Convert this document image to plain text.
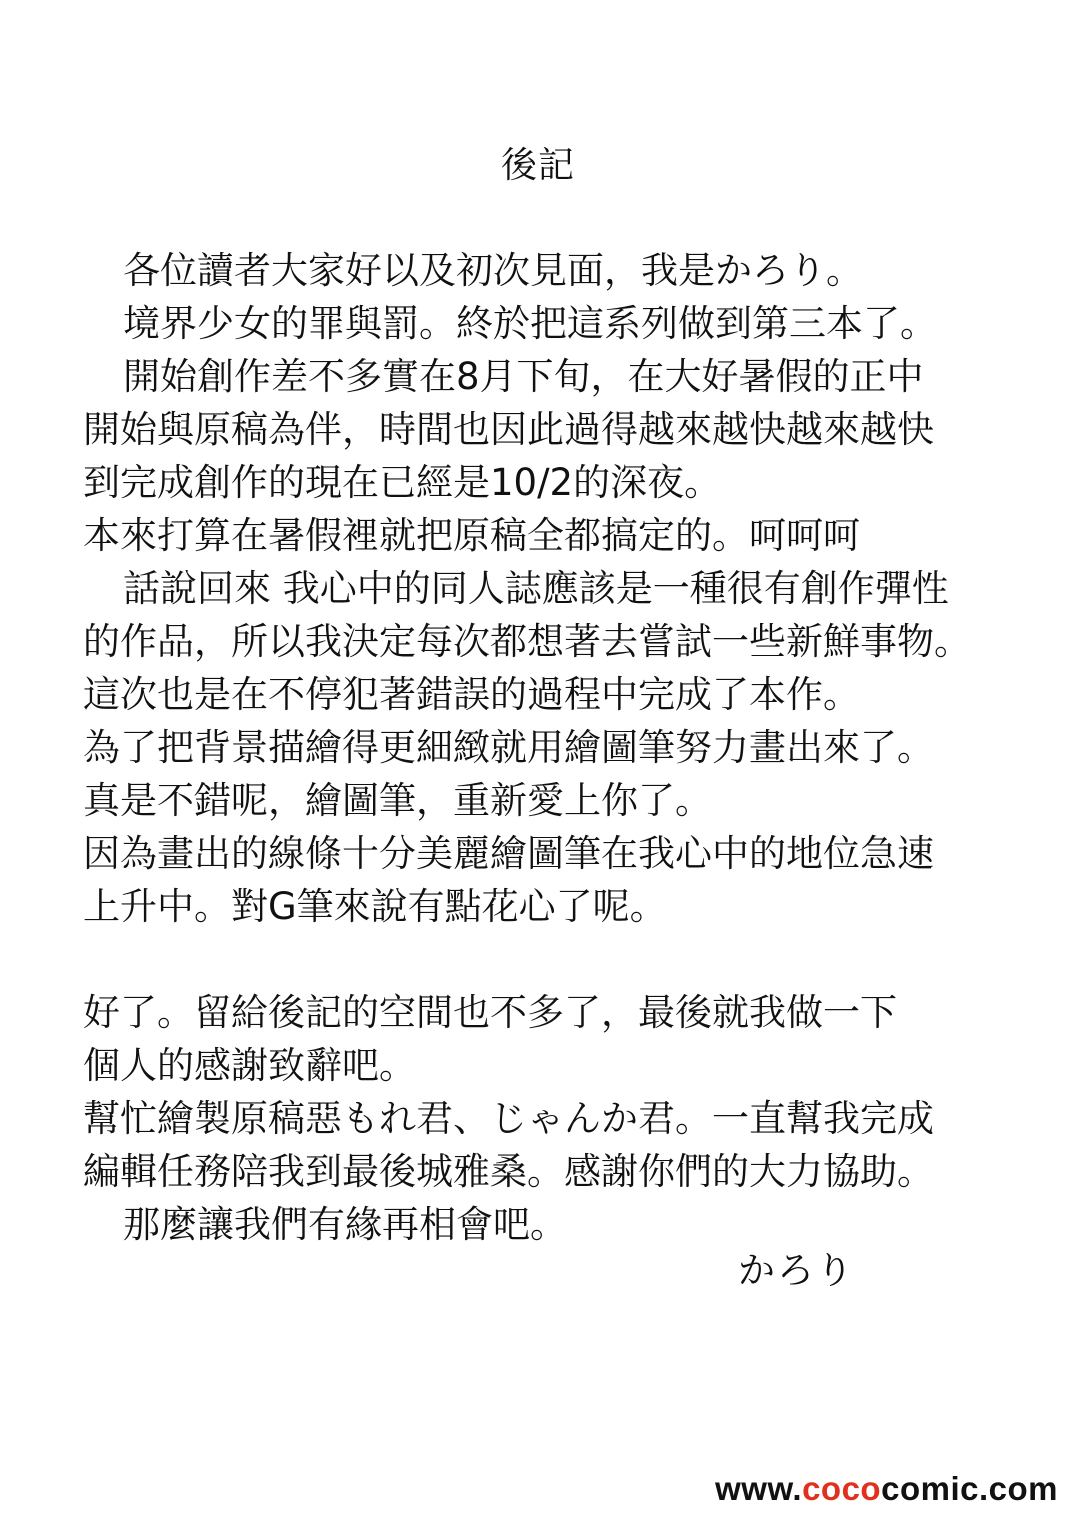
後記
各位讀者大家好以及初次見面，我是かろり。
境界少女的罪與罰。終於把這系列做到第三本了。
開始創作差不多實在8月下旬，在大好暑假的正中
開始與原稿為伴，時間也因此過得越來越快越來越快
到完成創作的現在已經是10/2的深夜。
本來打算在暑假裡就把原稿全都搞定的。呵呵呵
話說回來 我心中的同人誌應該是一種很有創作彈性
的作品，所以我決定每次都想著去嘗試一些新鮮事物。
這次也是在不停犯著錯誤的過程中完成了本作。
為了把背景描繪得更細緻就用繪圖筆努力畫出來了。
真是不錯呢，繪圖筆，重新愛上你了。
因為畫出的線條十分美麗繪圖筆在我心中的地位急速
上升中。對G筆來說有點花心了呢。
好了。留給後記的空間也不多了，最後就我做一下
個人的感謝致辭吧。
幫忙繪製原稿惡もれ君、じゃんか君。一直幫我完成
編輯任務陪我到最後城雅桑。感謝你們的大力協助。
那麼讓我們有緣再相會吧。
かろり
www.cococomic.com
